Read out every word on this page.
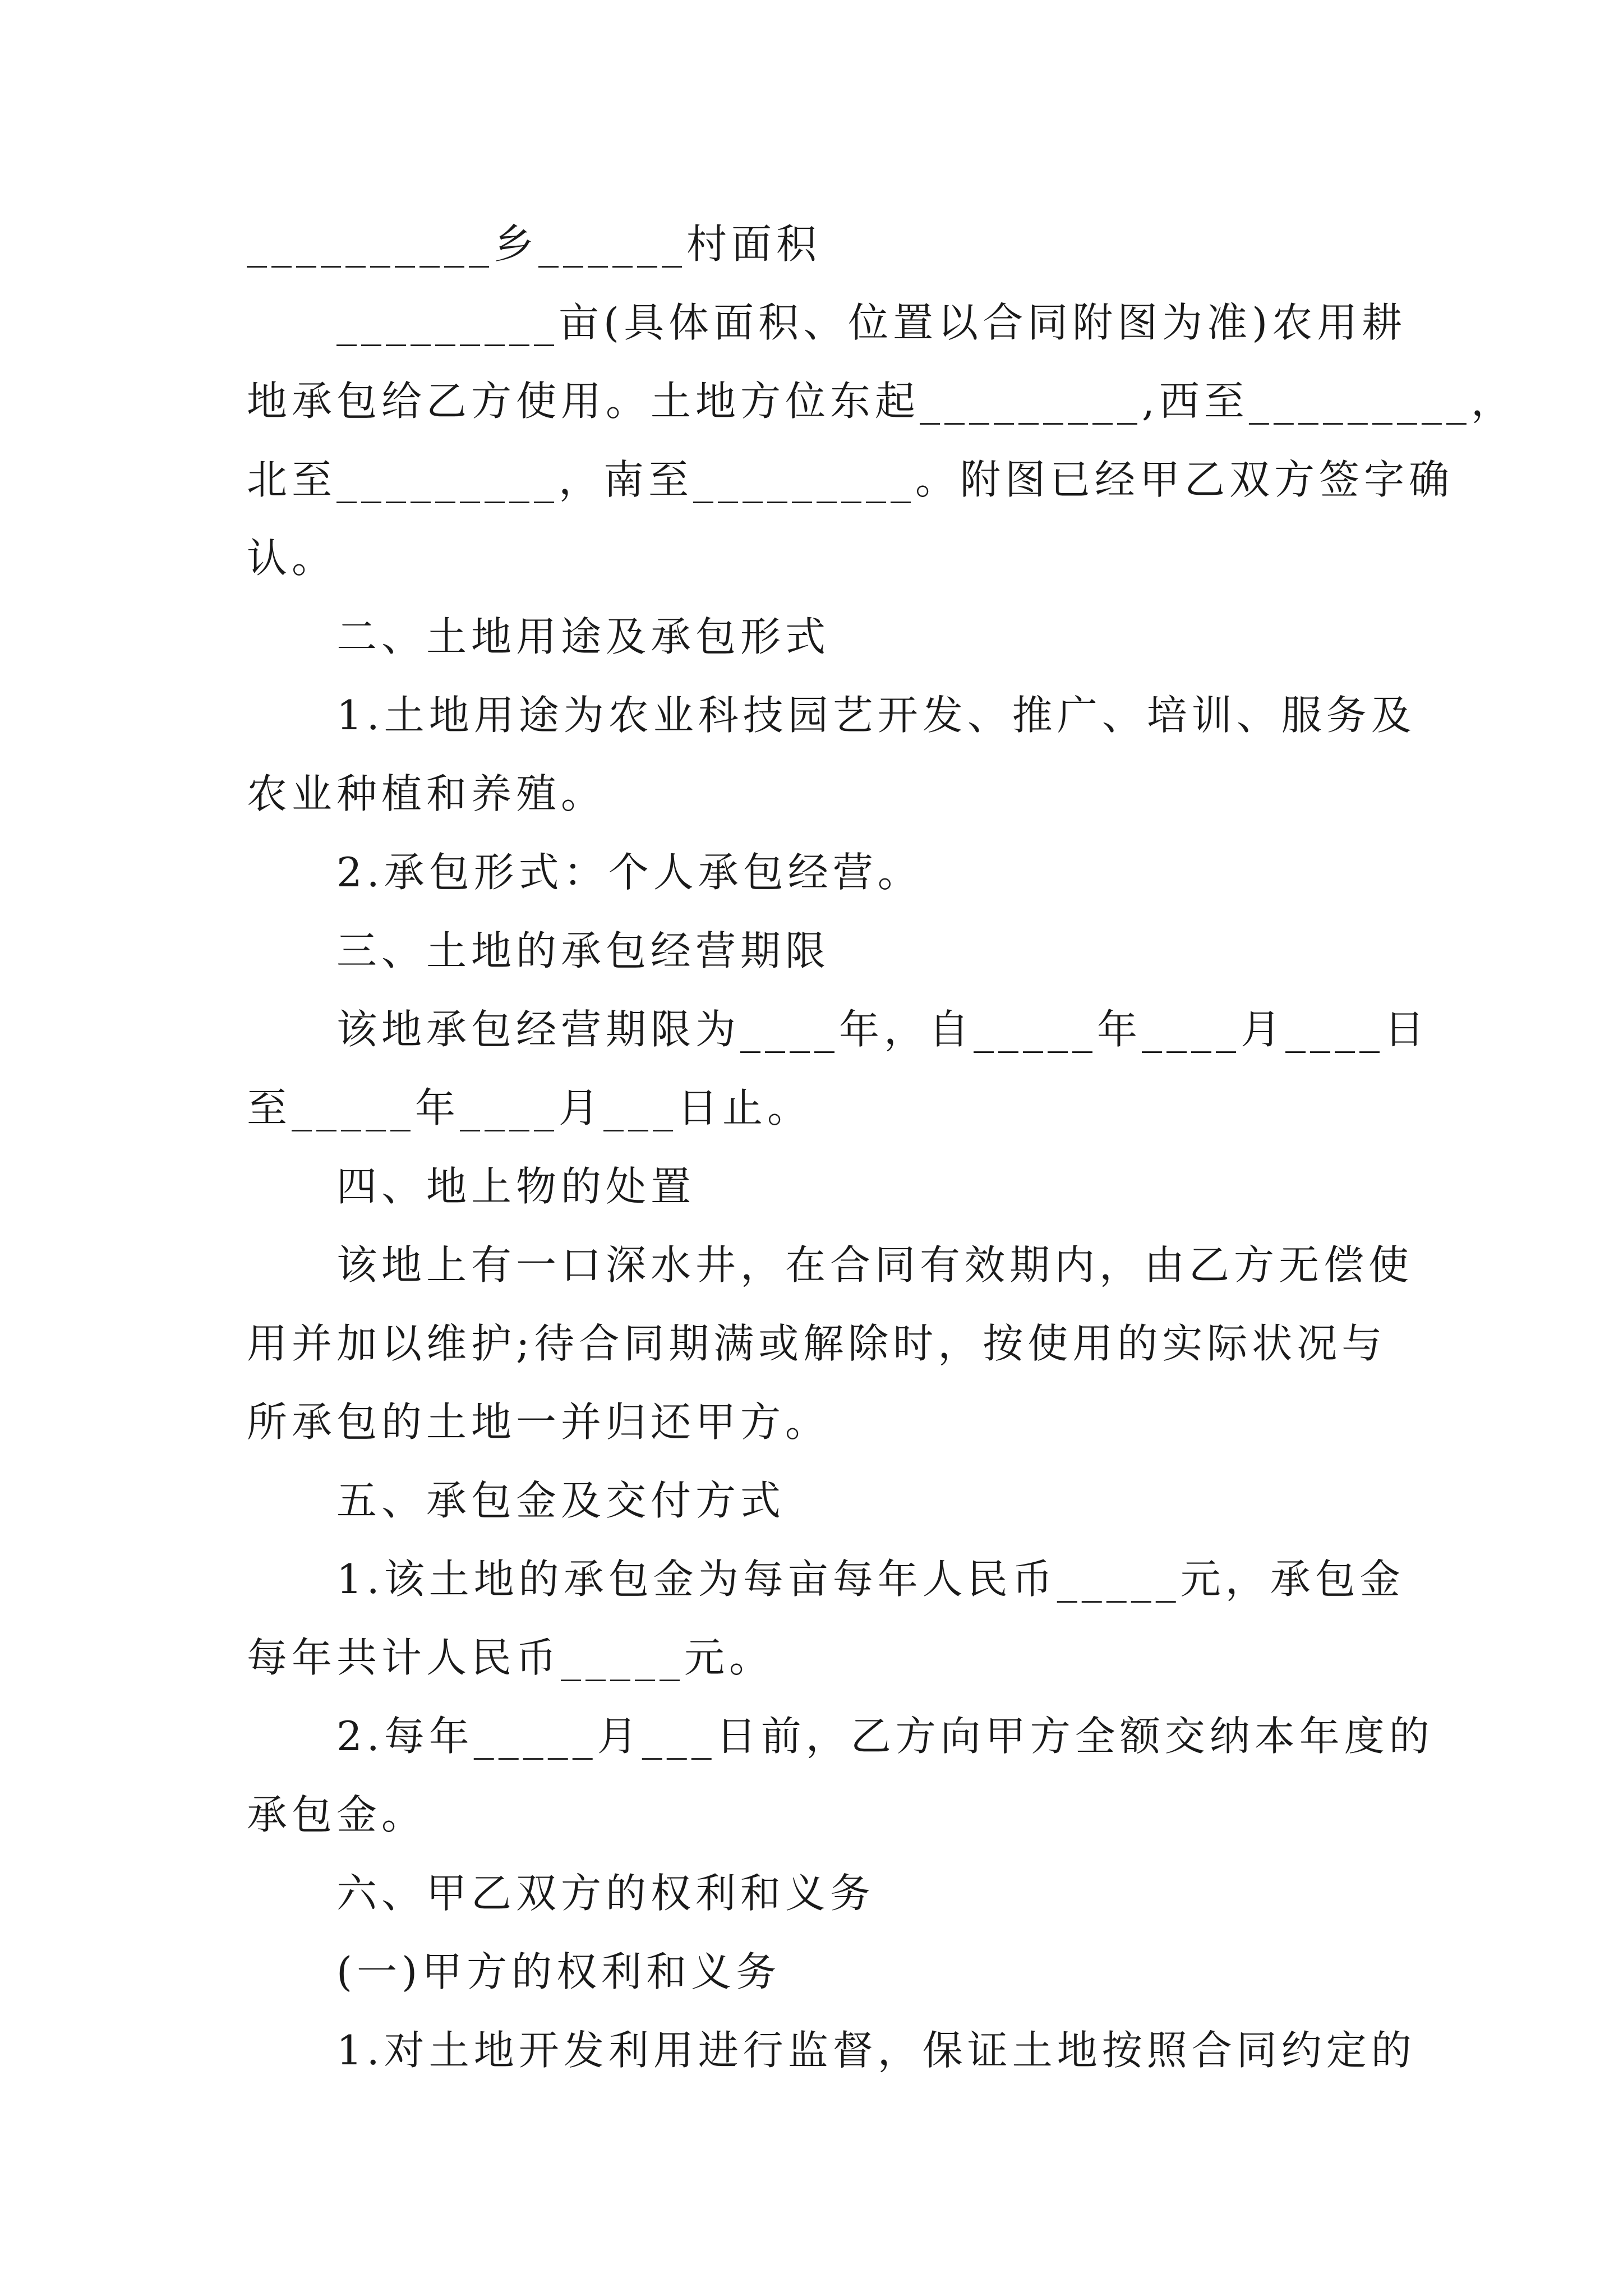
__________乡______村面积
_________亩(具体面积、位置以合同附图为准)农用耕
地承包给乙方使用。土地方位东起_________,西至_________，
北至_________，南至_________。附图已经甲乙双方签字确
认。
二、土地用途及承包形式
1.土地用途为农业科技园艺开发、推广、培训、服务及
农业种植和养殖。
2.承包形式：个人承包经营。
三、土地的承包经营期限
该地承包经营期限为____年，自_____年____月____日
至_____年____月___日止。
四、地上物的处置
该地上有一口深水井，在合同有效期内，由乙方无偿使
用并加以维护;待合同期满或解除时，按使用的实际状况与
所承包的土地一并归还甲方。
五、承包金及交付方式
1.该土地的承包金为每亩每年人民币_____元，承包金
每年共计人民币_____元。
2.每年_____月___日前，乙方向甲方全额交纳本年度的
承包金。
六、甲乙双方的权利和义务
(一)甲方的权利和义务
1.对土地开发利用进行监督，保证土地按照合同约定的
